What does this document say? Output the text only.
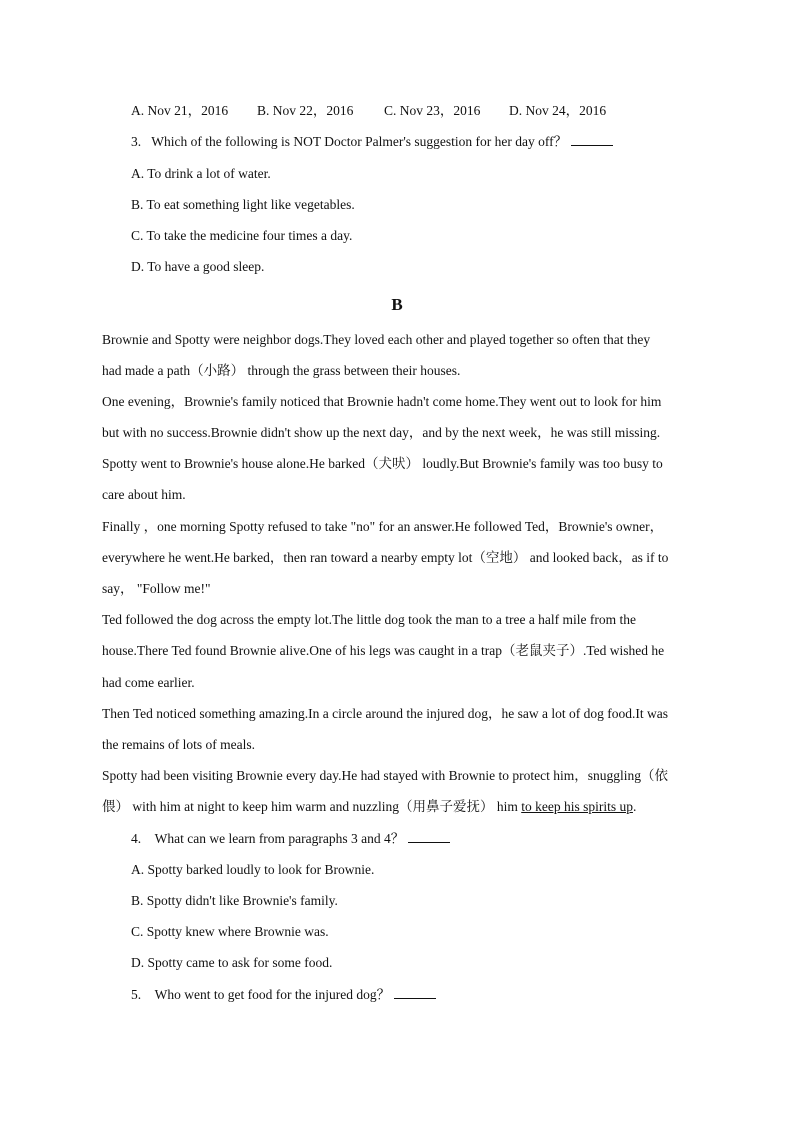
A. Nov 21，2016 B. Nov 22，2016 C. Nov 23，2016 D. Nov 24，2016
3. Which of the following is NOT Doctor Palmer's suggestion for her day off？
A. To drink a lot of water.
B. To eat something light like vegetables.
C. To take the medicine four times a day.
D. To have a good sleep.
B
Brownie and Spotty were neighbor dogs.They loved each other and played together so often that they
had made a path（小路） through the grass between their houses.
One evening，Brownie's family noticed that Brownie hadn't come home.They went out to look for him
but with no success.Brownie didn't show up the next day，and by the next week，he was still missing.
Spotty went to Brownie's house alone.He barked（犬吠） loudly.But Brownie's family was too busy to
care about him.
Finally ，one morning Spotty refused to take "no" for an answer.He followed Ted，Brownie's owner，
everywhere he went.He barked，then ran toward a nearby empty lot（空地） and looked back，as if to
say， "Follow me!"
Ted followed the dog across the empty lot.The little dog took the man to a tree a half mile from the
house.There Ted found Brownie alive.One of his legs was caught in a trap（老鼠夹子）.Ted wished he
had come earlier.
Then Ted noticed something amazing.In a circle around the injured dog，he saw a lot of dog food.It was
the remains of lots of meals.
Spotty had been visiting Brownie every day.He had stayed with Brownie to protect him，snuggling（依
偎） with him at night to keep him warm and nuzzling（用鼻子爱抚） him to keep his spirits up.
4. What can we learn from paragraphs 3 and 4？
A. Spotty barked loudly to look for Brownie.
B. Spotty didn't like Brownie's family.
C. Spotty knew where Brownie was.
D. Spotty came to ask for some food.
5. Who went to get food for the injured dog？
